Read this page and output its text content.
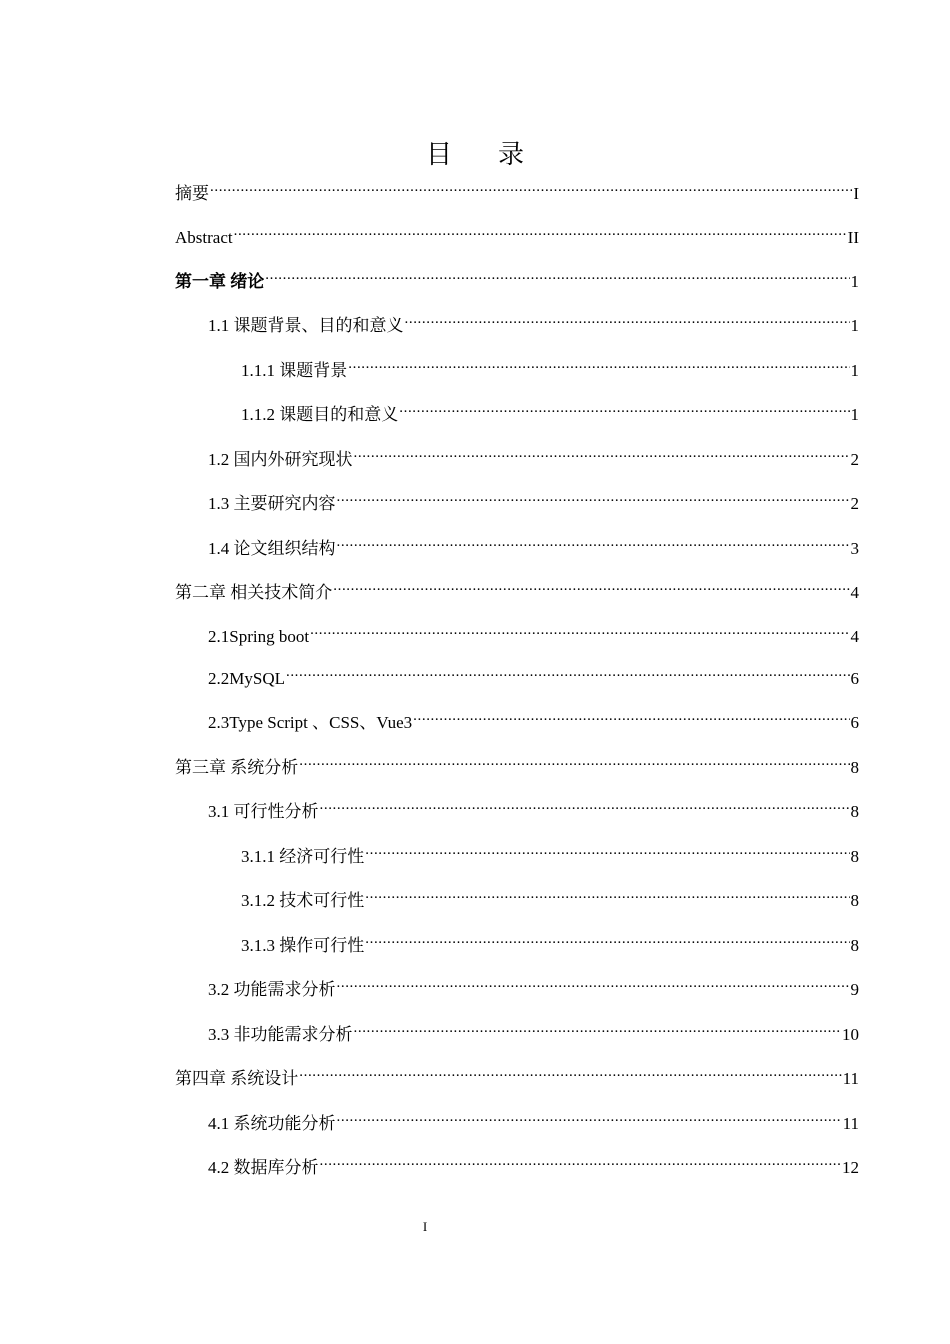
目 录
摘要 .....	I
Abstract .....	II
第一章 绪论 .....	1
1.1 课题背景、目的和意义 .....	1
1.1.1 课题背景 .....	1
1.1.2 课题目的和意义 .....	1
1.2 国内外研究现状 .....	2
1.3 主要研究内容 .....	2
1.4 论文组织结构 .....	3
第二章 相关技术简介 .....	4
2.1Spring boot .....	4
2.2MySQL .....	6
2.3Type Script 、CSS、Vue3 .....	6
第三章 系统分析 .....	8
3.1 可行性分析 .....	8
3.1.1 经济可行性 .....	8
3.1.2 技术可行性 .....	8
3.1.3 操作可行性 .....	8
3.2 功能需求分析 .....	9
3.3 非功能需求分析 .....	10
第四章 系统设计 .....	11
4.1 系统功能分析 .....	11
4.2 数据库分析 .....	12
I
